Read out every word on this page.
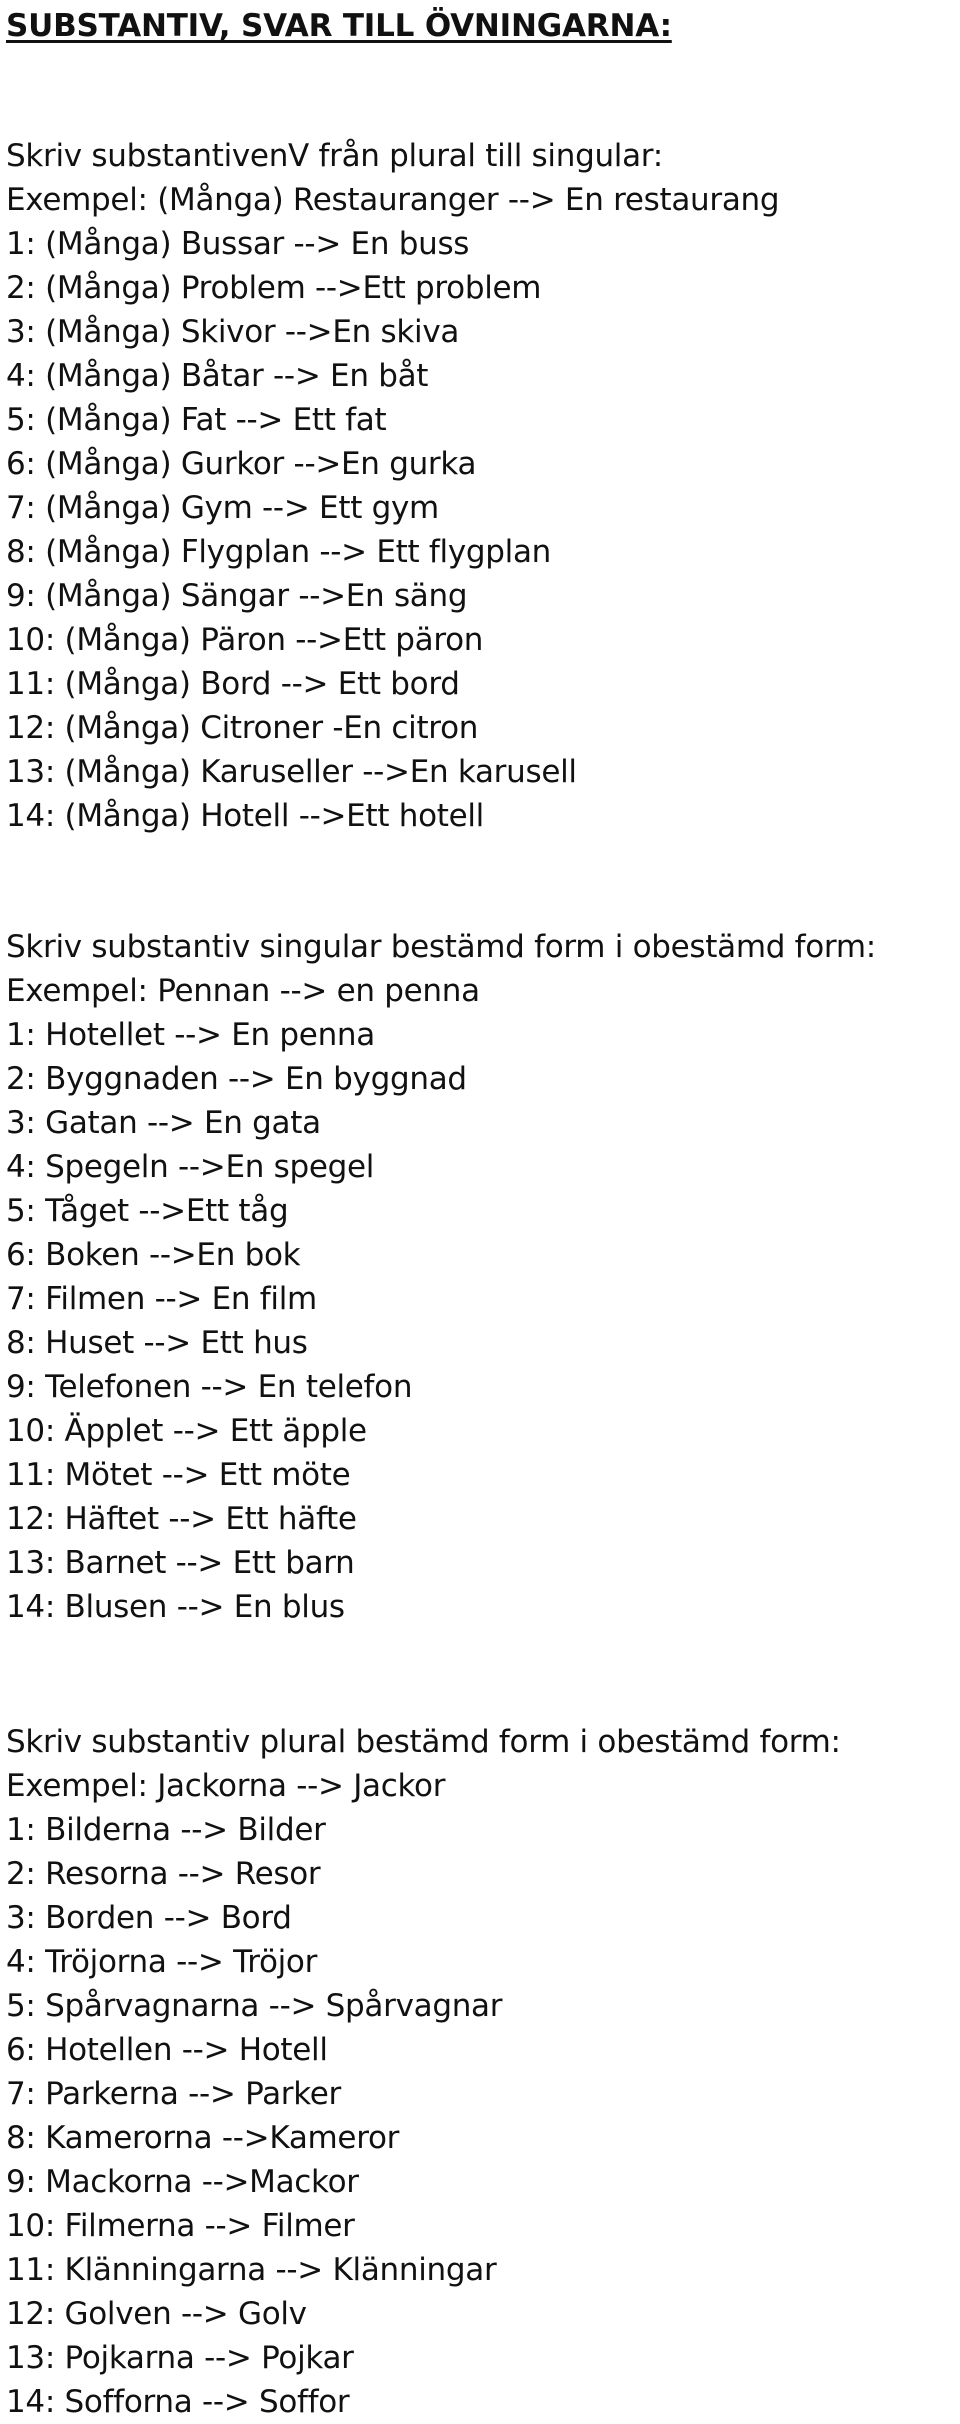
SUBSTANTIV, SVAR TILL ÖVNINGARNA:
Skriv substantivenV från plural till singular:
Exempel: (Många) Restauranger --> En restaurang
1: (Många) Bussar --> En buss
2: (Många) Problem -->Ett problem
3: (Många) Skivor -->En skiva
4: (Många) Båtar --> En båt
5: (Många) Fat --> Ett fat
6: (Många) Gurkor -->En gurka
7: (Många) Gym --> Ett gym
8: (Många) Flygplan --> Ett flygplan
9: (Många) Sängar -->En säng
10: (Många) Päron -->Ett päron
11: (Många) Bord --> Ett bord
12: (Många) Citroner -En citron
13: (Många) Karuseller -->En karusell
14: (Många) Hotell -->Ett hotell
Skriv substantiv singular bestämd form i obestämd form:
Exempel: Pennan --> en penna
1: Hotellet --> En penna
2: Byggnaden --> En byggnad
3: Gatan --> En gata
4: Spegeln -->En spegel
5: Tåget -->Ett tåg
6: Boken -->En bok
7: Filmen --> En film
8: Huset --> Ett hus
9: Telefonen --> En telefon
10: Äpplet --> Ett äpple
11: Mötet --> Ett möte
12: Häftet --> Ett häfte
13: Barnet --> Ett barn
14: Blusen --> En blus
Skriv substantiv plural bestämd form i obestämd form:
Exempel: Jackorna --> Jackor
1: Bilderna --> Bilder
2: Resorna --> Resor
3: Borden --> Bord
4: Tröjorna --> Tröjor
5: Spårvagnarna --> Spårvagnar
6: Hotellen --> Hotell
7: Parkerna --> Parker
8: Kamerorna -->Kameror
9: Mackorna -->Mackor
10: Filmerna --> Filmer
11: Klänningarna --> Klänningar
12: Golven --> Golv
13: Pojkarna --> Pojkar
14: Sofforna --> Soffor
